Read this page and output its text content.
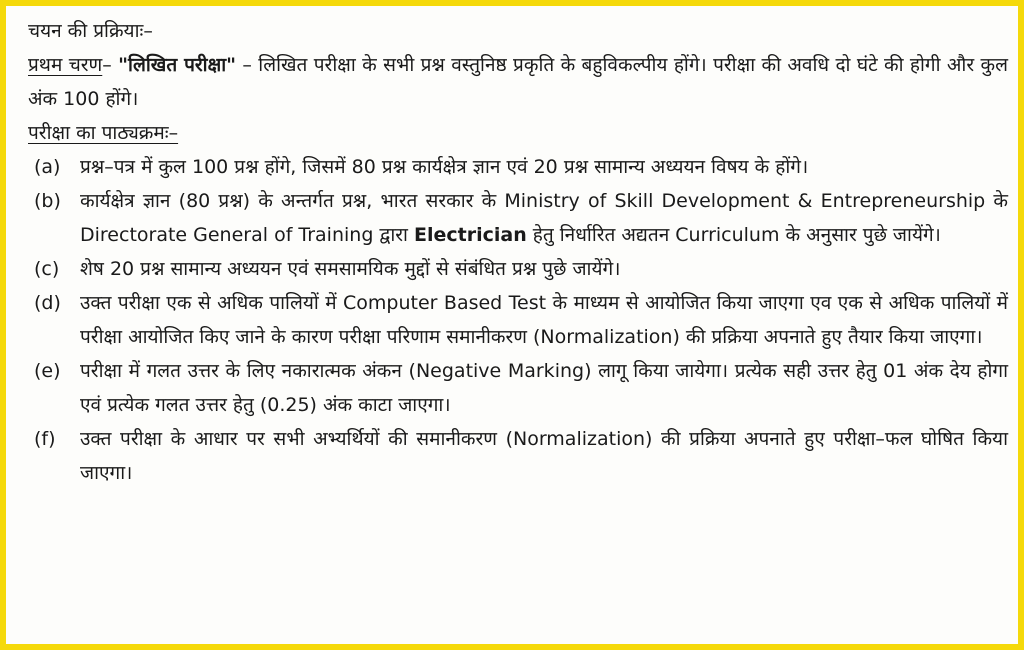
चयन की प्रक्रियाः–
प्रथम चरण– "लिखित परीक्षा" – लिखित परीक्षा के सभी प्रश्न वस्तुनिष्ठ प्रकृति के बहुविकल्पीय होंगे। परीक्षा की अवधि दो घंटे की होगी और कुल अंक 100 होंगे।
परीक्षा का पाठ्यक्रमः–
(a) प्रश्न–पत्र में कुल 100 प्रश्न होंगे, जिसमें 80 प्रश्न कार्यक्षेत्र ज्ञान एवं 20 प्रश्न सामान्य अध्ययन विषय के होंगे।
(b) कार्यक्षेत्र ज्ञान (80 प्रश्न) के अन्तर्गत प्रश्न, भारत सरकार के Ministry of Skill Development & Entrepreneurship के Directorate General of Training द्वारा Electrician हेतु निर्धारित अद्यतन Curriculum के अनुसार पुछे जायेंगे।
(c) शेष 20 प्रश्न सामान्य अध्ययन एवं समसामयिक मुद्दों से संबंधित प्रश्न पुछे जायेंगे।
(d) उक्त परीक्षा एक से अधिक पालियों में Computer Based Test के माध्यम से आयोजित किया जाएगा एव एक से अधिक पालियों में परीक्षा आयोजित किए जाने के कारण परीक्षा परिणाम समानीकरण (Normalization) की प्रक्रिया अपनाते हुए तैयार किया जाएगा।
(e) परीक्षा में गलत उत्तर के लिए नकारात्मक अंकन (Negative Marking) लागू किया जायेगा। प्रत्येक सही उत्तर हेतु 01 अंक देय होगा एवं प्रत्येक गलत उत्तर हेतु (0.25) अंक काटा जाएगा।
(f) उक्त परीक्षा के आधार पर सभी अभ्यर्थियों की समानीकरण (Normalization) की प्रक्रिया अपनाते हुए परीक्षा–फल घोषित किया जाएगा।
